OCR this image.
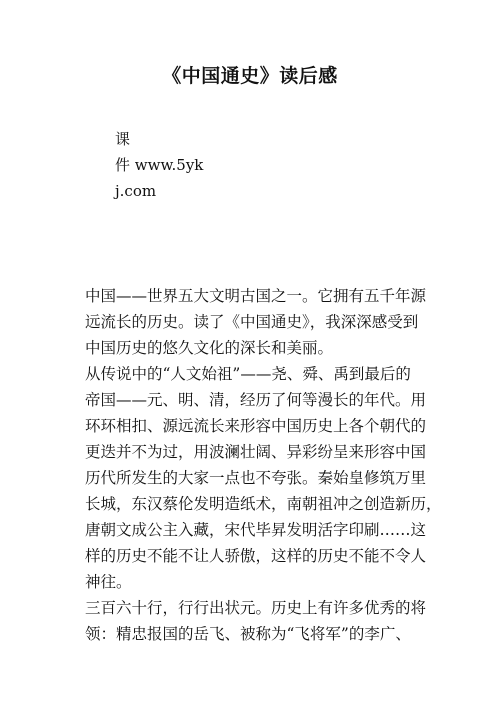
《中国通史》读后感
课
件 www.5yk
j.com
中国——世界五大文明古国之一。它拥有五千年源
远流长的历史。读了《中国通史》，我深深感受到
中国历史的悠久文化的深长和美丽。
从传说中的“人文始祖”——尧、舜、禹到最后的
帝国——元、明、清，经历了何等漫长的年代。用
环环相扣、源远流长来形容中国历史上各个朝代的
更迭并不为过，用波澜壮阔、异彩纷呈来形容中国
历代所发生的大家一点也不夸张。秦始皇修筑万里
长城，东汉蔡伦发明造纸术，南朝祖冲之创造新历，
唐朝文成公主入藏，宋代毕昇发明活字印刷……这
样的历史不能不让人骄傲，这样的历史不能不令人
神往。
三百六十行，行行出状元。历史上有许多优秀的将
领：精忠报国的岳飞、被称为“飞将军”的李广、
